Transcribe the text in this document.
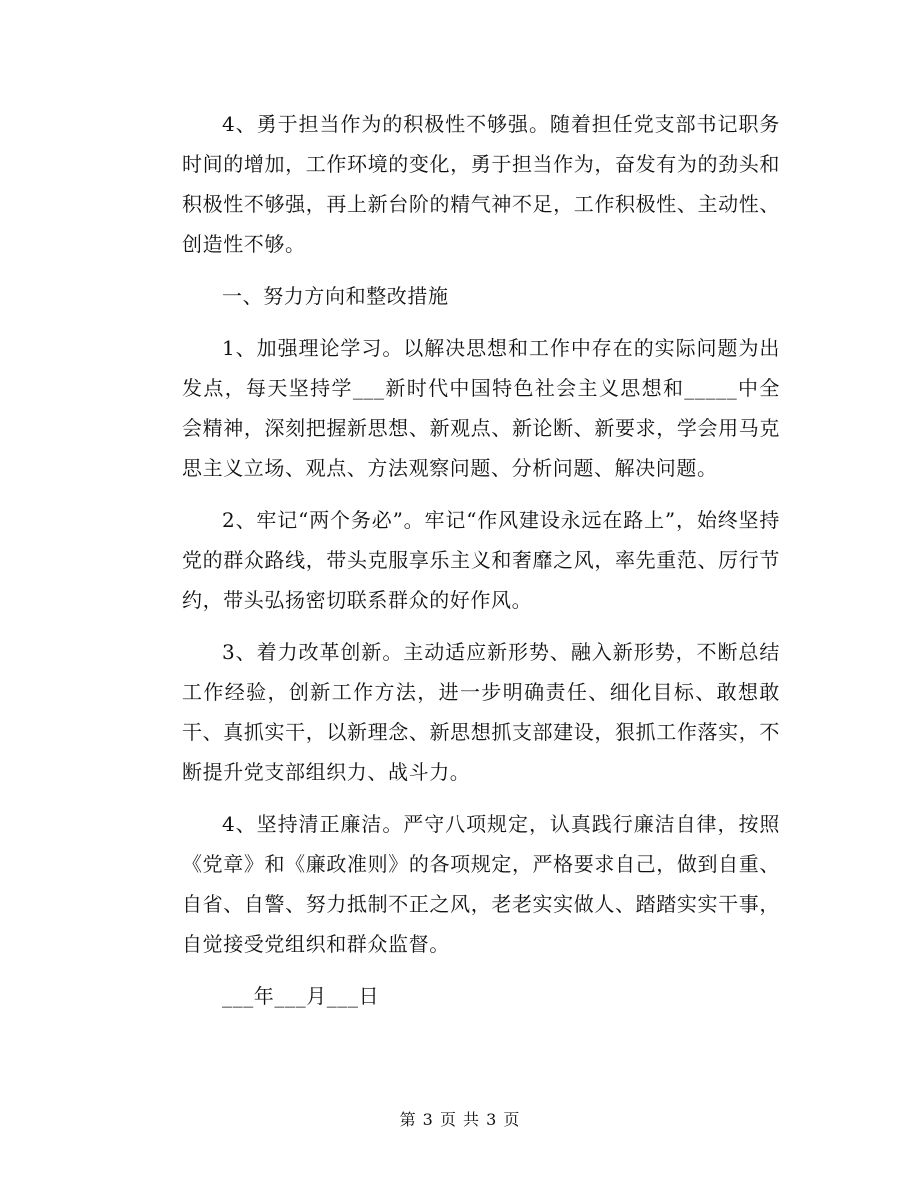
4、勇于担当作为的积极性不够强。随着担任党支部书记职务时间的增加，工作环境的变化，勇于担当作为，奋发有为的劲头和积极性不够强，再上新台阶的精气神不足，工作积极性、主动性、创造性不够。

一、努力方向和整改措施

1、加强理论学习。以解决思想和工作中存在的实际问题为出发点，每天坚持学___新时代中国特色社会主义思想和_____中全会精神，深刻把握新思想、新观点、新论断、新要求，学会用马克思主义立场、观点、方法观察问题、分析问题、解决问题。

2、牢记“两个务必”。牢记“作风建设永远在路上”，始终坚持党的群众路线，带头克服享乐主义和奢靡之风，率先重范、厉行节约，带头弘扬密切联系群众的好作风。

3、着力改革创新。主动适应新形势、融入新形势，不断总结工作经验，创新工作方法，进一步明确责任、细化目标、敢想敢干、真抓实干，以新理念、新思想抓支部建设，狠抓工作落实，不断提升党支部组织力、战斗力。

4、坚持清正廉洁。严守八项规定，认真践行廉洁自律，按照《党章》和《廉政准则》的各项规定，严格要求自己，做到自重、自省、自警、努力抵制不正之风，老老实实做人、踏踏实实干事，自觉接受党组织和群众监督。

___年___月___日

第 3 页 共 3 页
